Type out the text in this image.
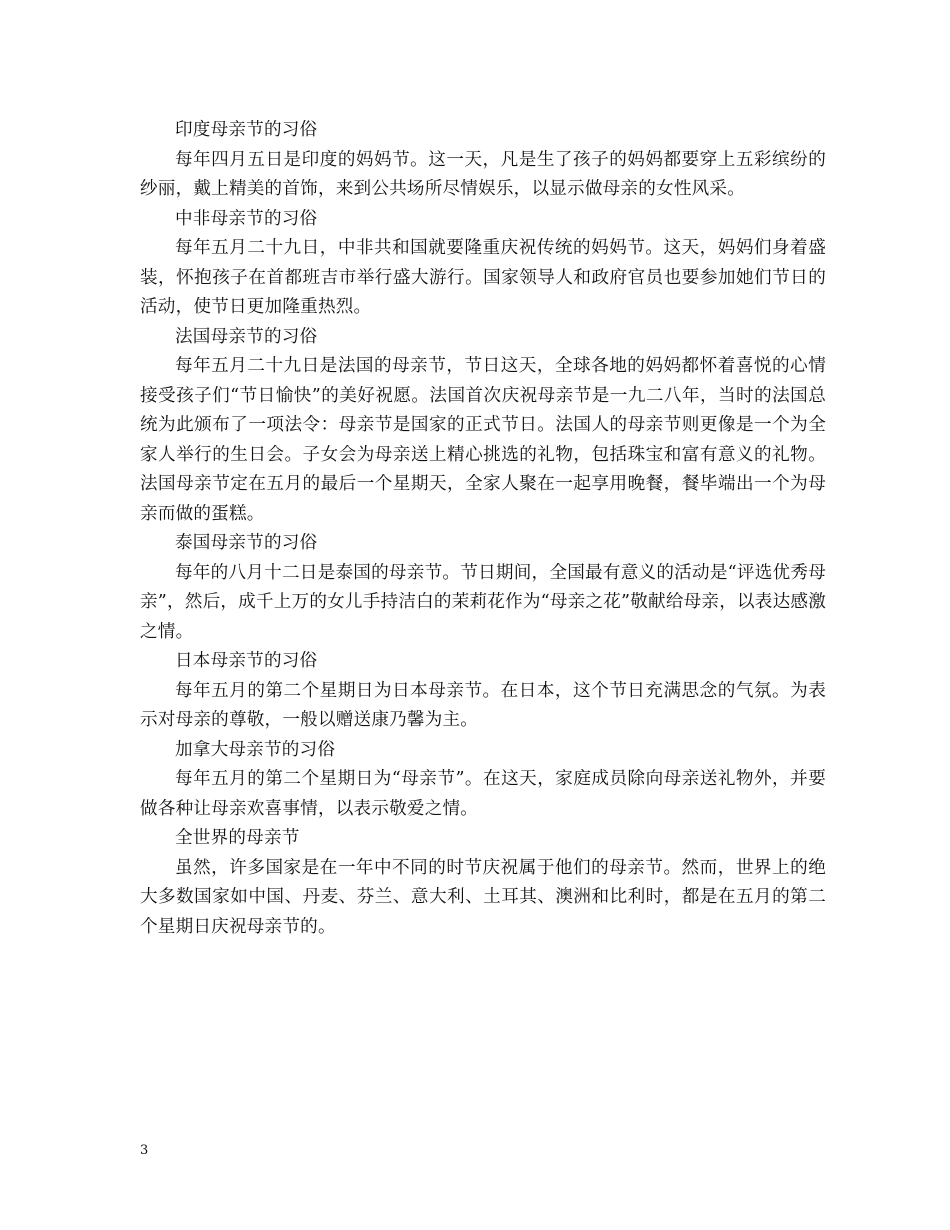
印度母亲节的习俗

每年四月五日是印度的妈妈节。这一天，凡是生了孩子的妈妈都要穿上五彩缤纷的纱丽，戴上精美的首饰，来到公共场所尽情娱乐，以显示做母亲的女性风采。

中非母亲节的习俗

每年五月二十九日，中非共和国就要隆重庆祝传统的妈妈节。这天，妈妈们身着盛装，怀抱孩子在首都班吉市举行盛大游行。国家领导人和政府官员也要参加她们节日的活动，使节日更加隆重热烈。

法国母亲节的习俗

每年五月二十九日是法国的母亲节，节日这天，全球各地的妈妈都怀着喜悦的心情接受孩子们“节日愉快”的美好祝愿。法国首次庆祝母亲节是一九二八年，当时的法国总统为此颁布了一项法令：母亲节是国家的正式节日。法国人的母亲节则更像是一个为全家人举行的生日会。子女会为母亲送上精心挑选的礼物，包括珠宝和富有意义的礼物。法国母亲节定在五月的最后一个星期天，全家人聚在一起享用晚餐，餐毕端出一个为母亲而做的蛋糕。

泰国母亲节的习俗

每年的八月十二日是泰国的母亲节。节日期间，全国最有意义的活动是“评选优秀母亲”，然后，成千上万的女儿手持洁白的茉莉花作为“母亲之花”敬献给母亲，以表达感激之情。

日本母亲节的习俗

每年五月的第二个星期日为日本母亲节。在日本，这个节日充满思念的气氛。为表示对母亲的尊敬，一般以赠送康乃馨为主。

加拿大母亲节的习俗

每年五月的第二个星期日为“母亲节”。在这天，家庭成员除向母亲送礼物外，并要做各种让母亲欢喜事情，以表示敬爱之情。

全世界的母亲节

虽然，许多国家是在一年中不同的时节庆祝属于他们的母亲节。然而，世界上的绝大多数国家如中国、丹麦、芬兰、意大利、土耳其、澳洲和比利时，都是在五月的第二个星期日庆祝母亲节的。

3
